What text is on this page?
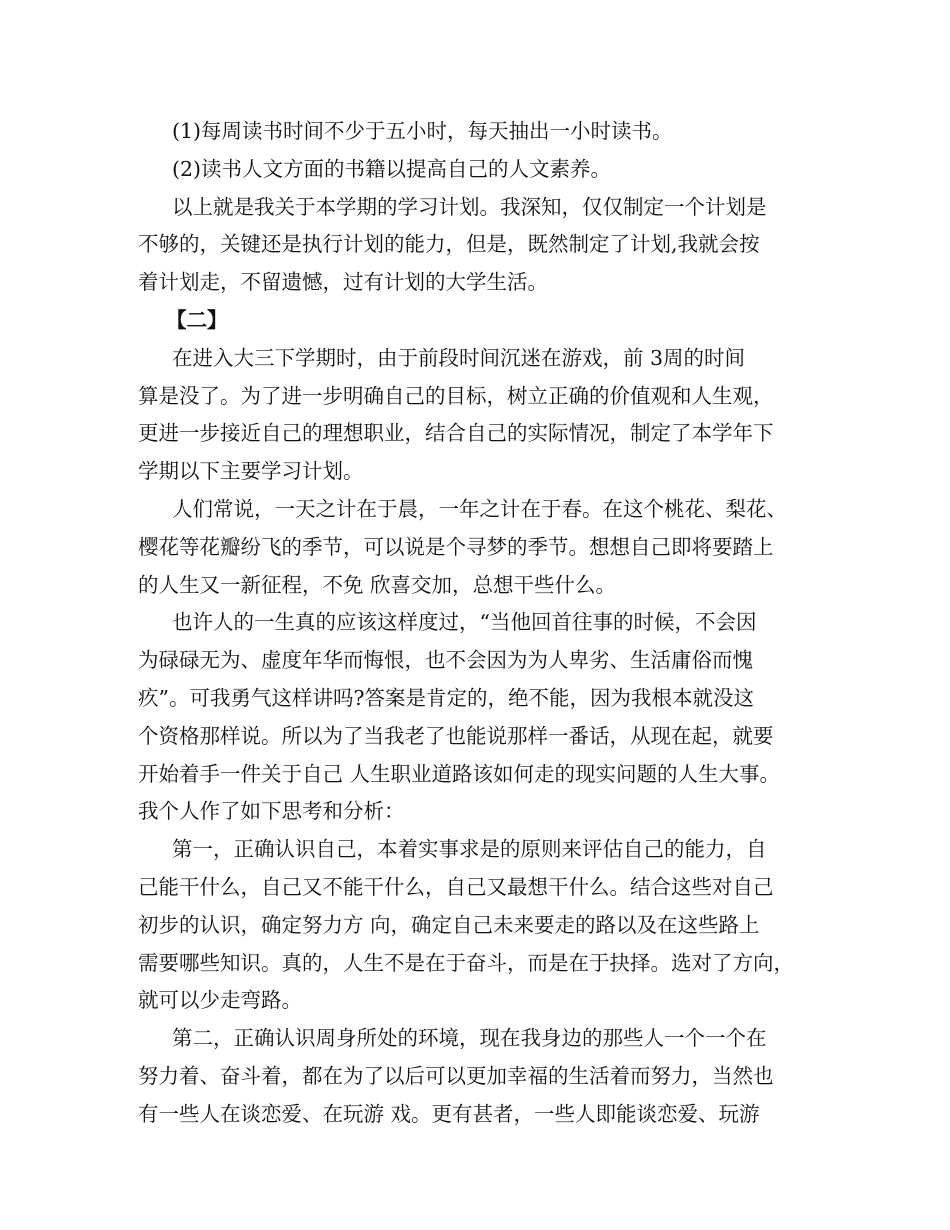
(1)每周读书时间不少于五小时，每天抽出一小时读书。
(2)读书人文方面的书籍以提高自己的人文素养。
以上就是我关于本学期的学习计划。我深知，仅仅制定一个计划是
不够的，关键还是执行计划的能力，但是，既然制定了计划,我就会按
着计划走，不留遗憾，过有计划的大学生活。
【二】
在进入大三下学期时，由于前段时间沉迷在游戏，前 3周的时间
算是没了。为了进一步明确自己的目标，树立正确的价值观和人生观，
更进一步接近自己的理想职业，结合自己的实际情况，制定了本学年下
学期以下主要学习计划。
人们常说，一天之计在于晨，一年之计在于春。在这个桃花、梨花、
樱花等花瓣纷飞的季节，可以说是个寻梦的季节。想想自己即将要踏上
的人生又一新征程，不免 欣喜交加，总想干些什么。
也许人的一生真的应该这样度过，“当他回首往事的时候，不会因
为碌碌无为、虚度年华而悔恨，也不会因为为人卑劣、生活庸俗而愧
疚”。可我勇气这样讲吗?答案是肯定的，绝不能，因为我根本就没这
个资格那样说。所以为了当我老了也能说那样一番话，从现在起，就要
开始着手一件关于自己 人生职业道路该如何走的现实问题的人生大事。
我个人作了如下思考和分析：
第一，正确认识自己，本着实事求是的原则来评估自己的能力，自
己能干什么，自己又不能干什么，自己又最想干什么。结合这些对自己
初步的认识，确定努力方 向，确定自己未来要走的路以及在这些路上
需要哪些知识。真的，人生不是在于奋斗，而是在于抉择。选对了方向，
就可以少走弯路。
第二，正确认识周身所处的环境，现在我身边的那些人一个一个在
努力着、奋斗着，都在为了以后可以更加幸福的生活着而努力，当然也
有一些人在谈恋爱、在玩游 戏。更有甚者，一些人即能谈恋爱、玩游
